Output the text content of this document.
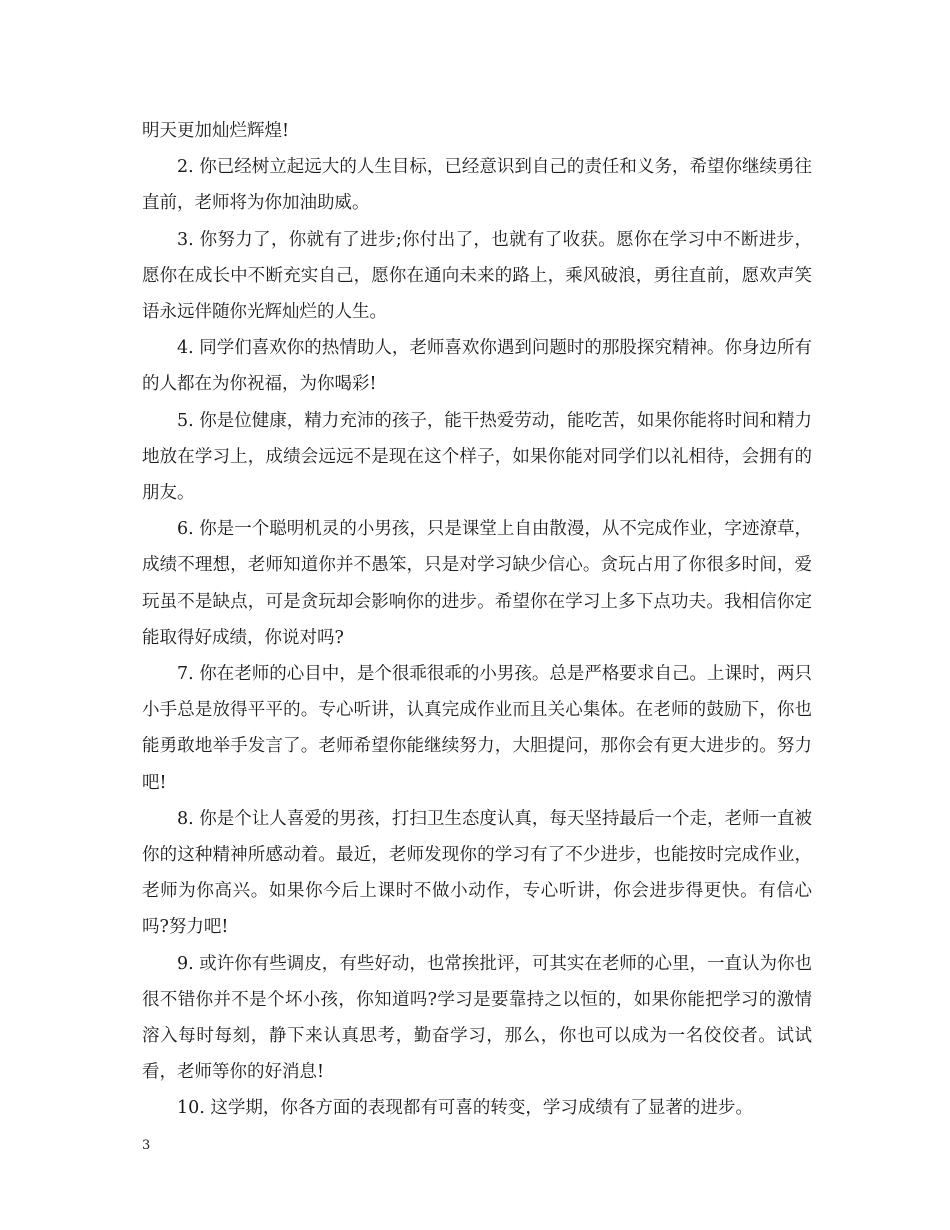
明天更加灿烂辉煌!

2. 你已经树立起远大的人生目标，已经意识到自己的责任和义务，希望你继续勇往直前，老师将为你加油助威。

3. 你努力了，你就有了进步;你付出了，也就有了收获。愿你在学习中不断进步，愿你在成长中不断充实自己，愿你在通向未来的路上，乘风破浪，勇往直前，愿欢声笑语永远伴随你光辉灿烂的人生。

4. 同学们喜欢你的热情助人，老师喜欢你遇到问题时的那股探究精神。你身边所有的人都在为你祝福，为你喝彩!

5. 你是位健康，精力充沛的孩子，能干热爱劳动，能吃苦，如果你能将时间和精力地放在学习上，成绩会远远不是现在这个样子，如果你能对同学们以礼相待，会拥有的朋友。

6. 你是一个聪明机灵的小男孩，只是课堂上自由散漫，从不完成作业，字迹潦草，成绩不理想，老师知道你并不愚笨，只是对学习缺少信心。贪玩占用了你很多时间，爱玩虽不是缺点，可是贪玩却会影响你的进步。希望你在学习上多下点功夫。我相信你定能取得好成绩，你说对吗?

7. 你在老师的心目中，是个很乖很乖的小男孩。总是严格要求自己。上课时，两只小手总是放得平平的。专心听讲，认真完成作业而且关心集体。在老师的鼓励下，你也能勇敢地举手发言了。老师希望你能继续努力，大胆提问，那你会有更大进步的。努力吧!

8. 你是个让人喜爱的男孩，打扫卫生态度认真，每天坚持最后一个走，老师一直被你的这种精神所感动着。最近，老师发现你的学习有了不少进步，也能按时完成作业，老师为你高兴。如果你今后上课时不做小动作，专心听讲，你会进步得更快。有信心吗?努力吧!

9. 或许你有些调皮，有些好动，也常挨批评，可其实在老师的心里，一直认为你也很不错你并不是个坏小孩，你知道吗?学习是要靠持之以恒的，如果你能把学习的激情溶入每时每刻，静下来认真思考，勤奋学习，那么，你也可以成为一名佼佼者。试试看，老师等你的好消息!

10. 这学期，你各方面的表现都有可喜的转变，学习成绩有了显著的进步。

3
